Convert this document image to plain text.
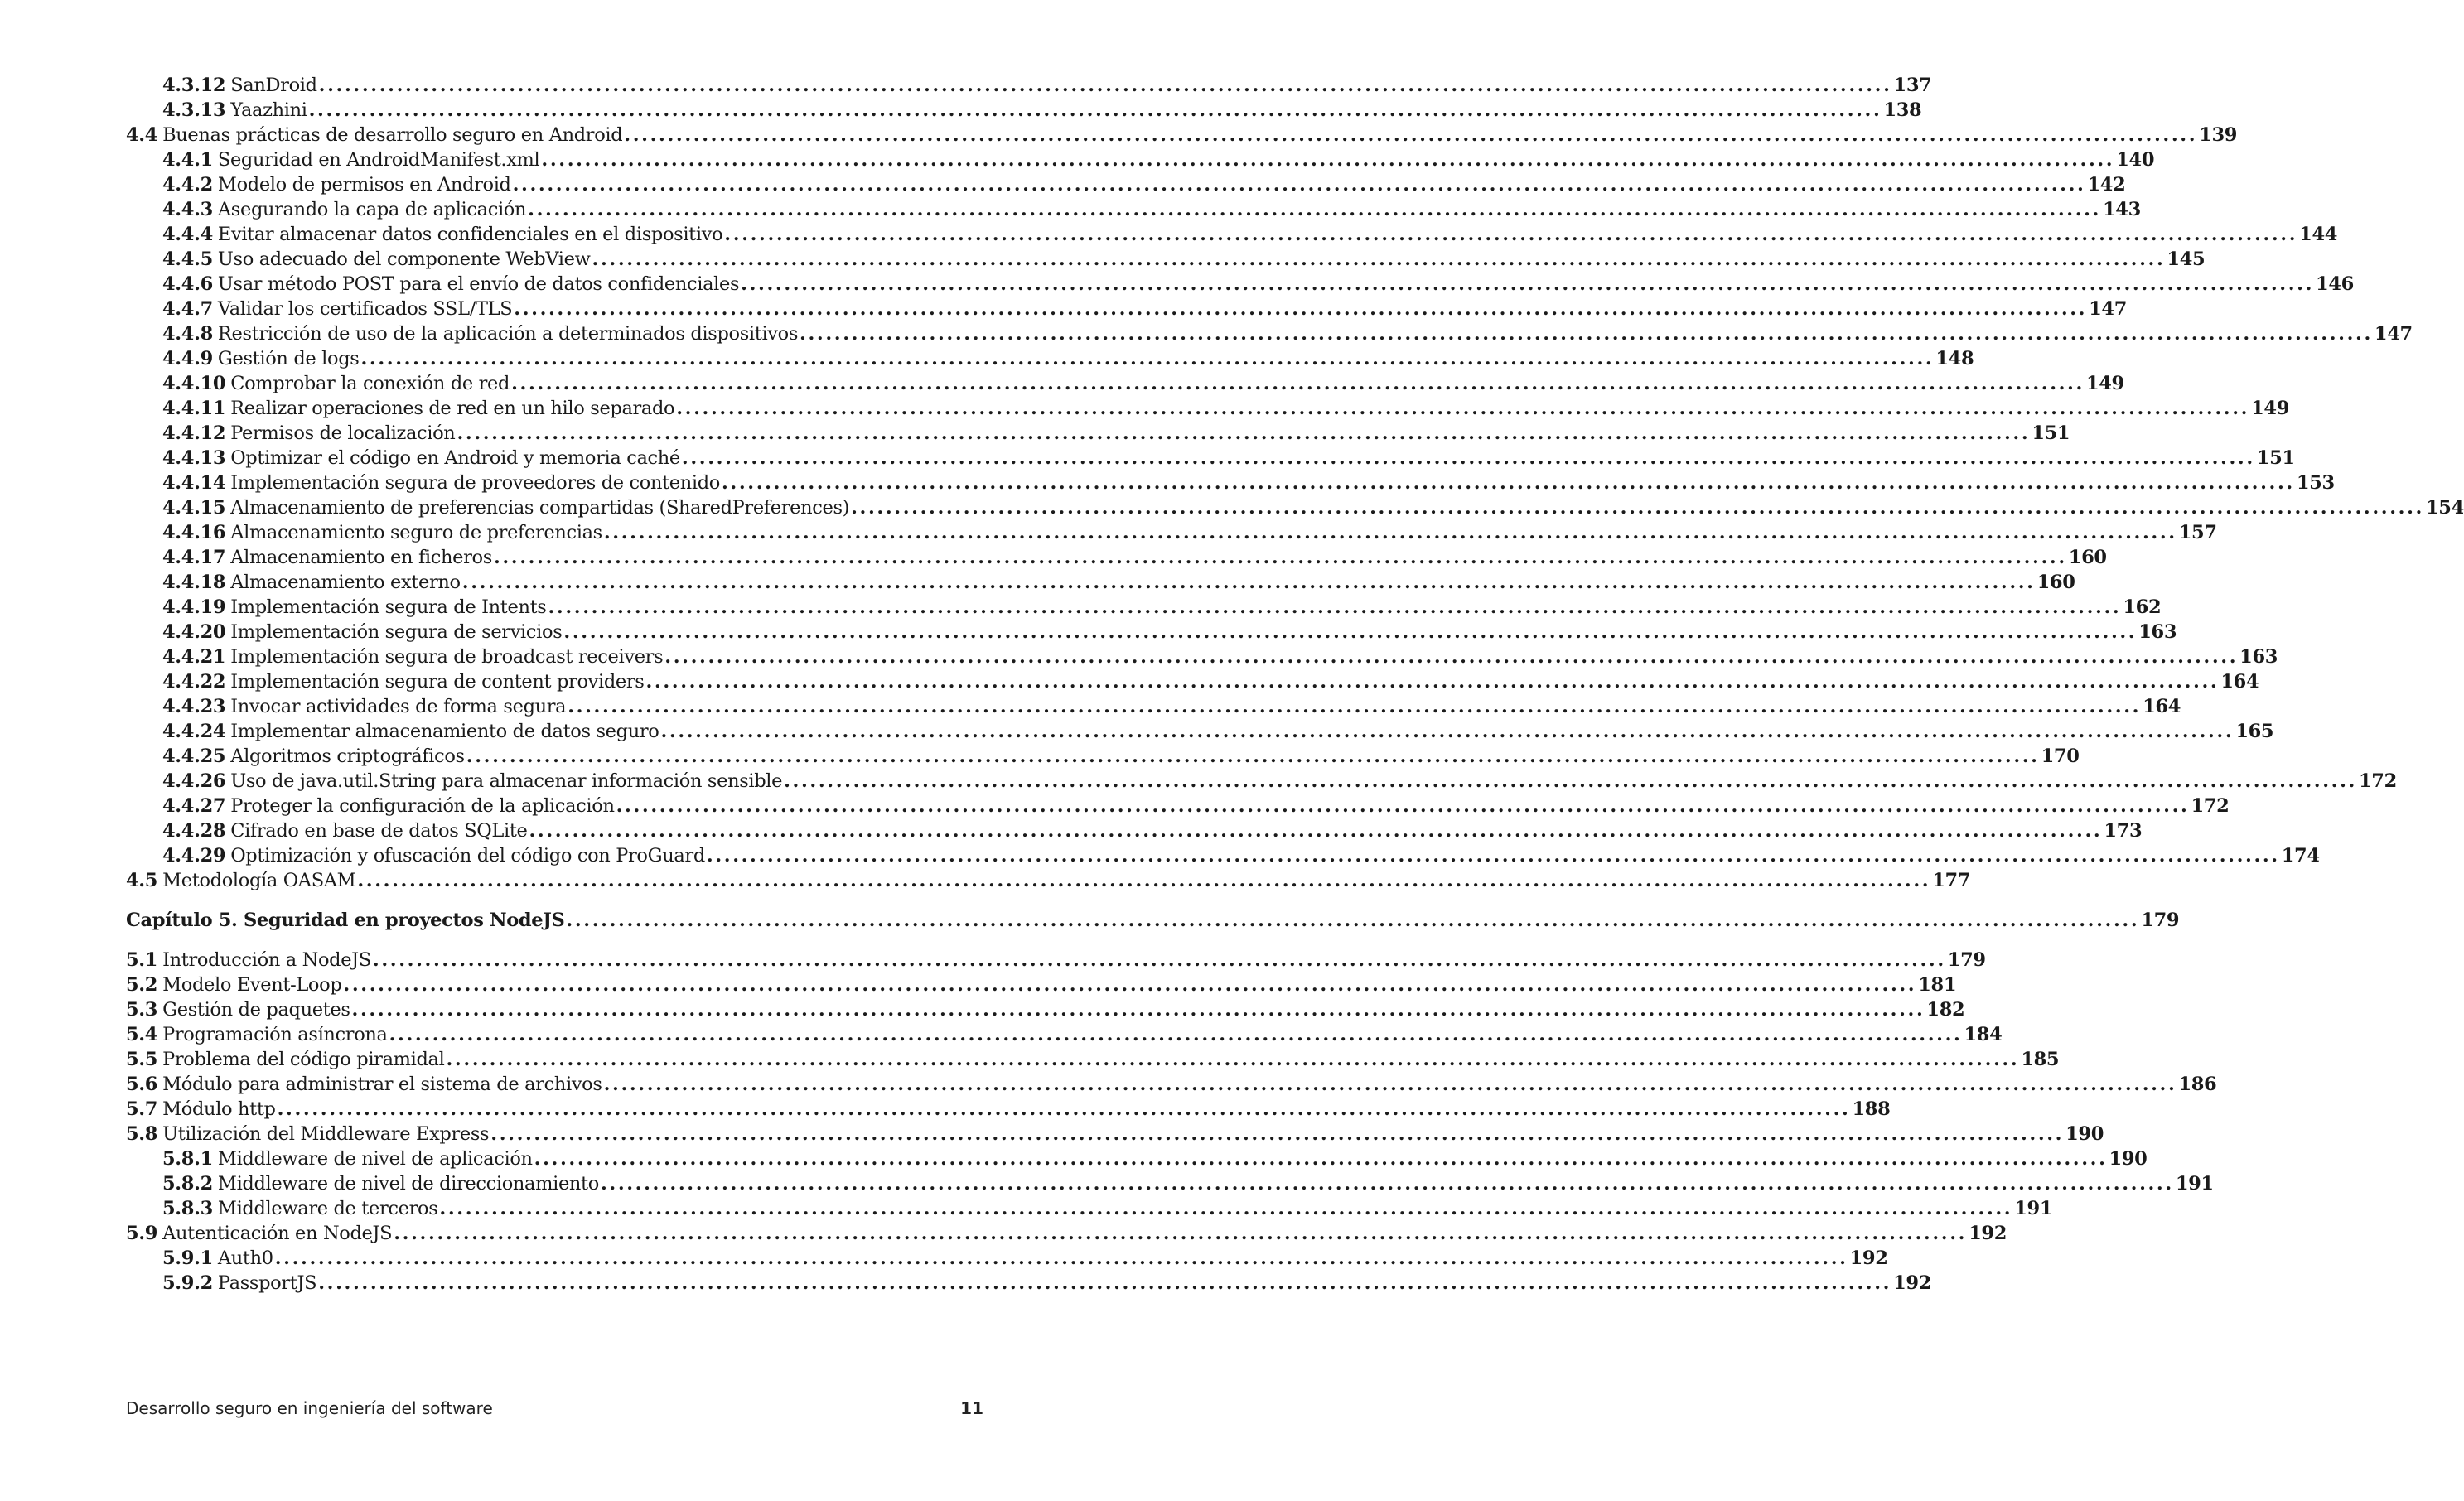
4.3.12 SanDroid .....	137
4.3.13 Yaazhini .....	138
4.4 Buenas prácticas de desarrollo seguro en Android .....	139
4.4.1 Seguridad en AndroidManifest.xml .....	140
4.4.2 Modelo de permisos en Android .....	142
4.4.3 Asegurando la capa de aplicación .....	143
4.4.4 Evitar almacenar datos confidenciales en el dispositivo .....	144
4.4.5 Uso adecuado del componente WebView .....	145
4.4.6 Usar método POST para el envío de datos confidenciales .....	146
4.4.7 Validar los certificados SSL/TLS .....	147
4.4.8 Restricción de uso de la aplicación a determinados dispositivos .....	147
4.4.9 Gestión de logs .....	148
4.4.10 Comprobar la conexión de red .....	149
4.4.11 Realizar operaciones de red en un hilo separado .....	149
4.4.12 Permisos de localización .....	151
4.4.13 Optimizar el código en Android y memoria caché .....	151
4.4.14 Implementación segura de proveedores de contenido .....	153
4.4.15 Almacenamiento de preferencias compartidas (SharedPreferences) .....	154
4.4.16 Almacenamiento seguro de preferencias .....	157
4.4.17 Almacenamiento en ficheros .....	160
4.4.18 Almacenamiento externo .....	160
4.4.19 Implementación segura de Intents .....	162
4.4.20 Implementación segura de servicios .....	163
4.4.21 Implementación segura de broadcast receivers .....	163
4.4.22 Implementación segura de content providers .....	164
4.4.23 Invocar actividades de forma segura .....	164
4.4.24 Implementar almacenamiento de datos seguro .....	165
4.4.25 Algoritmos criptográficos .....	170
4.4.26 Uso de java.util.String para almacenar información sensible .....	172
4.4.27 Proteger la configuración de la aplicación .....	172
4.4.28 Cifrado en base de datos SQLite .....	173
4.4.29 Optimización y ofuscación del código con ProGuard .....	174
4.5 Metodología OASAM .....	177
Capítulo 5. Seguridad en proyectos NodeJS .....	179
5.1 Introducción a NodeJS .....	179
5.2 Modelo Event-Loop .....	181
5.3 Gestión de paquetes .....	182
5.4 Programación asíncrona .....	184
5.5 Problema del código piramidal .....	185
5.6 Módulo para administrar el sistema de archivos .....	186
5.7 Módulo http .....	188
5.8 Utilización del Middleware Express .....	190
5.8.1 Middleware de nivel de aplicación .....	190
5.8.2 Middleware de nivel de direccionamiento .....	191
5.8.3 Middleware de terceros .....	191
5.9 Autenticación en NodeJS .....	192
5.9.1 Auth0 .....	192
5.9.2 PassportJS .....	192
Desarrollo seguro en ingeniería del software	11
